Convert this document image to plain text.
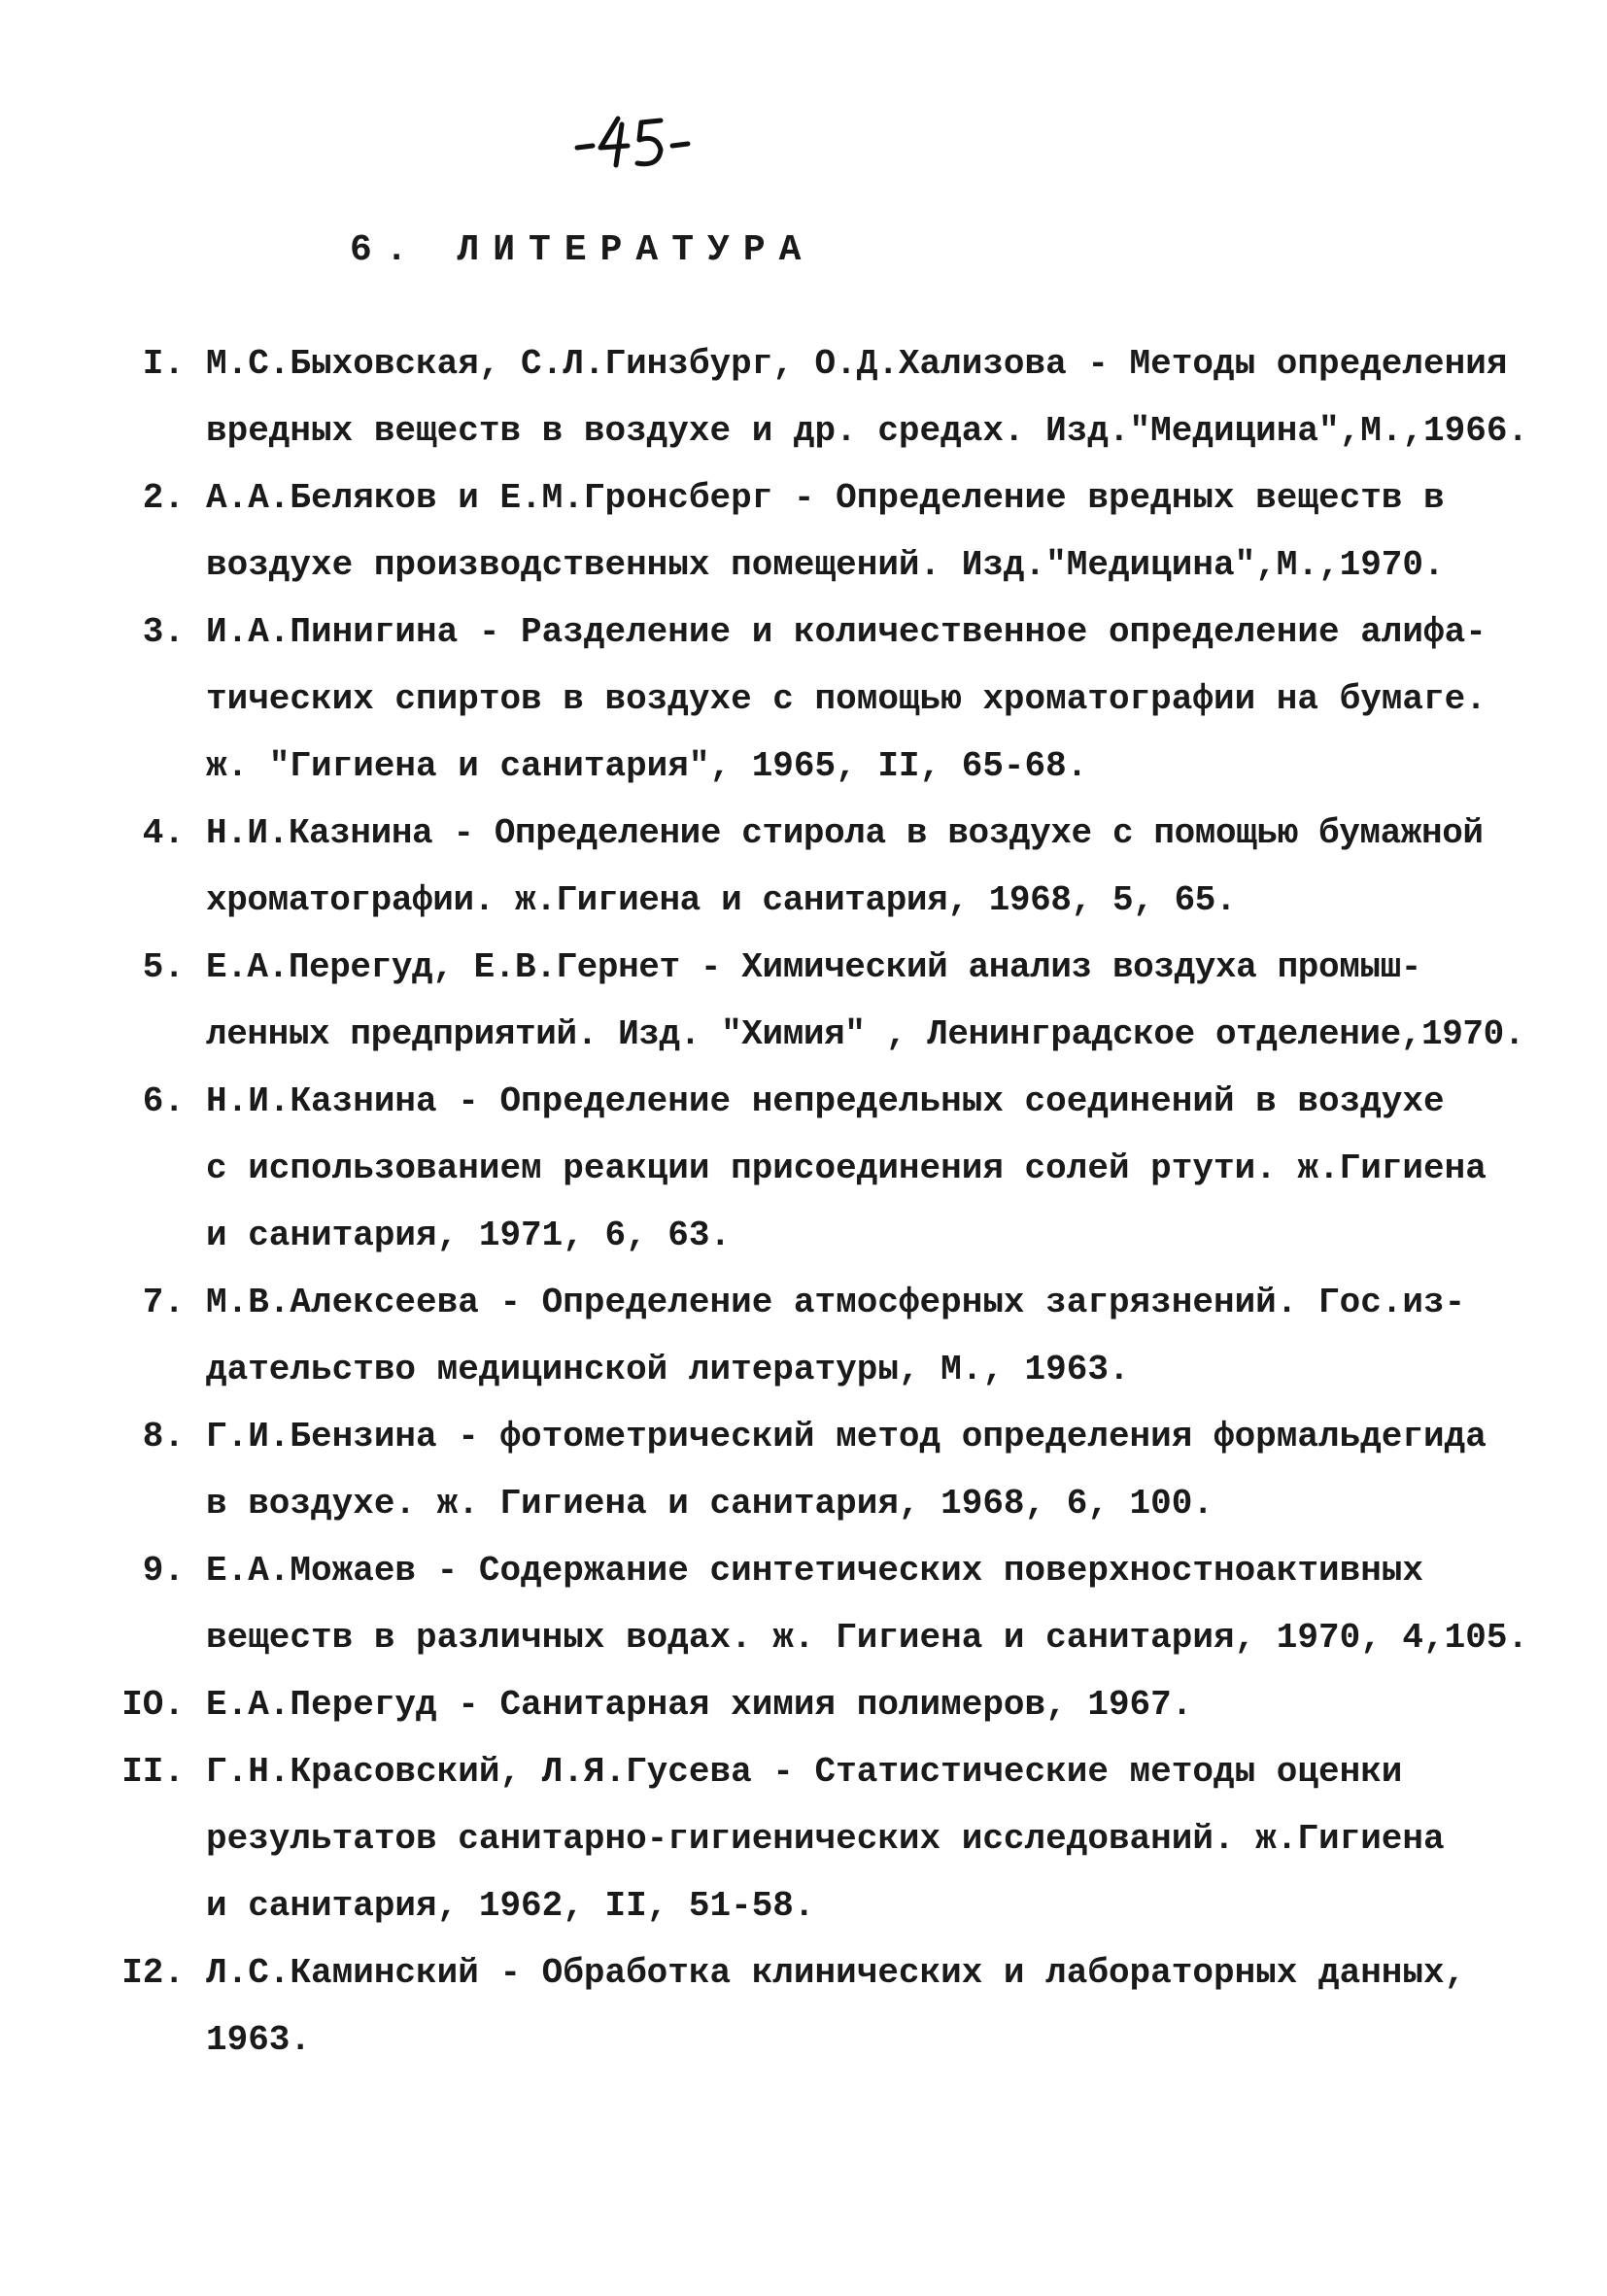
6. ЛИТЕРАТУРА
I. М.С.Быховская, С.Л.Гинзбург, О.Д.Хализова - Методы определения
вредных веществ в воздухе и др. средах. Изд."Медицина",М.,1966.
2. А.А.Беляков и Е.М.Гронсберг - Определение вредных веществ в
воздухе производственных помещений. Изд."Медицина",М.,1970.
3. И.А.Пинигина - Разделение и количественное определение алифа-
тических спиртов в воздухе с помощью хроматографии на бумаге.
ж. "Гигиена и санитария", 1965, II, 65-68.
4. Н.И.Казнина - Определение стирола в воздухе с помощью бумажной
хроматографии. ж.Гигиена и санитария, 1968, 5, 65.
5. Е.А.Перегуд, Е.В.Гернет - Химический анализ воздуха промыш-
ленных предприятий. Изд. "Химия" , Ленинградское отделение,1970.
6. Н.И.Казнина - Определение непредельных соединений в воздухе
с использованием реакции присоединения солей ртути. ж.Гигиена
и санитария, 1971, 6, 63.
7. М.В.Алексеева - Определение атмосферных загрязнений. Гос.из-
дательство медицинской литературы, М., 1963.
8. Г.И.Бензина - фотометрический метод определения формальдегида
в воздухе. ж. Гигиена и санитария, 1968, 6, 100.
9. Е.А.Можаев - Содержание синтетических поверхностноактивных
веществ в различных водах. ж. Гигиена и санитария, 1970, 4,105.
IO. Е.А.Перегуд - Санитарная химия полимеров, 1967.
II. Г.Н.Красовский, Л.Я.Гусева - Статистические методы оценки
результатов санитарно-гигиенических исследований. ж.Гигиена
и санитария, 1962, II, 51-58.
I2. Л.С.Каминский - Обработка клинических и лабораторных данных,
1963.
